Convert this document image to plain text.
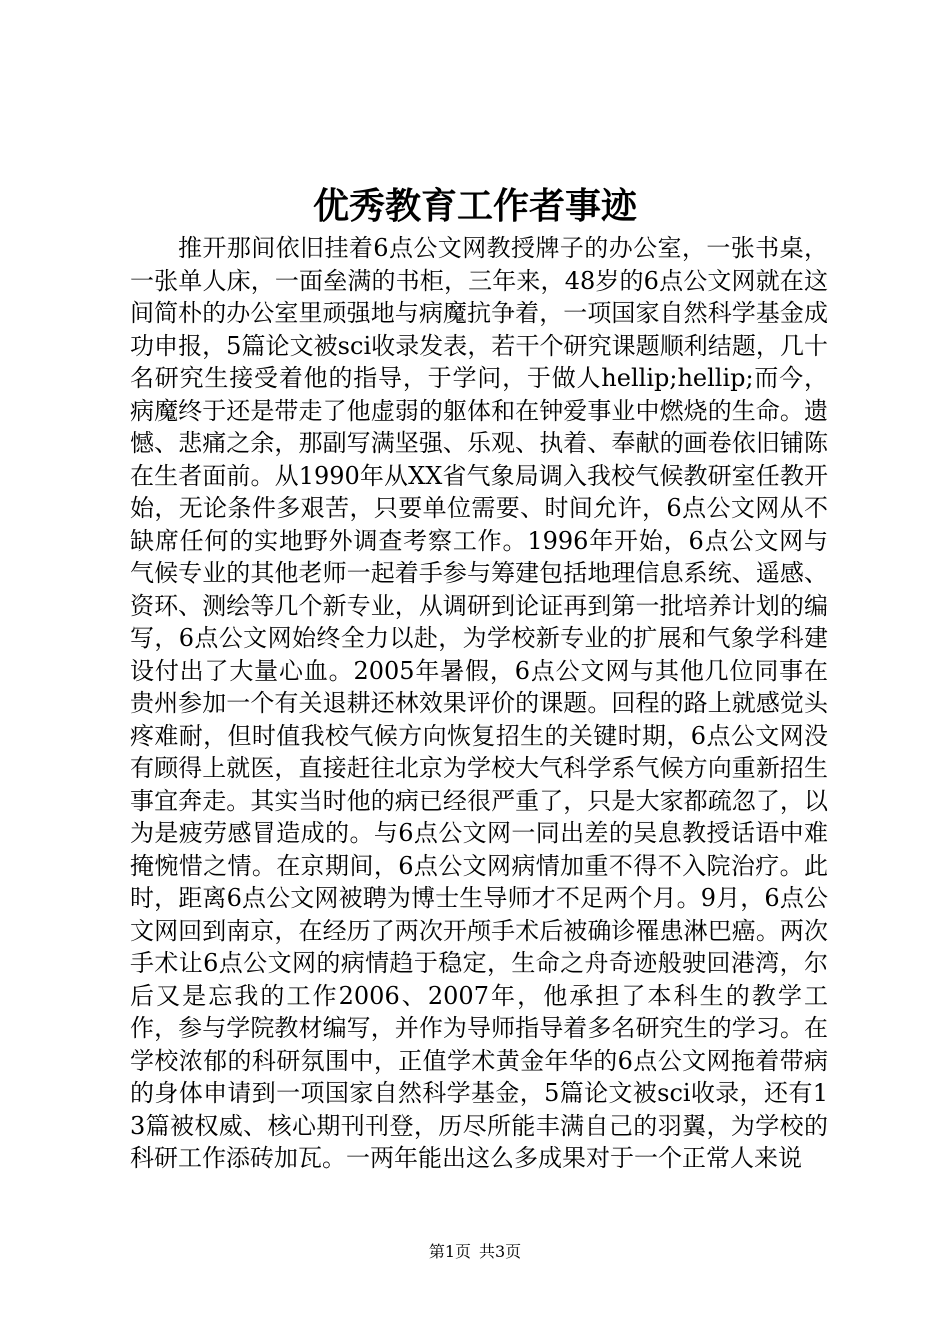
优秀教育工作者事迹

推开那间依旧挂着6点公文网教授牌子的办公室，一张书桌，一张单人床，一面垒满的书柜，三年来，48岁的6点公文网就在这间简朴的办公室里顽强地与病魔抗争着，一项国家自然科学基金成功申报，5篇论文被sci收录发表，若干个研究课题顺利结题，几十名研究生接受着他的指导，于学问，于做人hellip;hellip;而今，病魔终于还是带走了他虚弱的躯体和在钟爱事业中燃烧的生命。遗憾、悲痛之余，那副写满坚强、乐观、执着、奉献的画卷依旧铺陈在生者面前。从1990年从XX省气象局调入我校气候教研室任教开始，无论条件多艰苦，只要单位需要、时间允许，6点公文网从不缺席任何的实地野外调查考察工作。1996年开始，6点公文网与气候专业的其他老师一起着手参与筹建包括地理信息系统、遥感、资环、测绘等几个新专业，从调研到论证再到第一批培养计划的编写，6点公文网始终全力以赴，为学校新专业的扩展和气象学科建设付出了大量心血。2005年暑假，6点公文网与其他几位同事在贵州参加一个有关退耕还林效果评价的课题。回程的路上就感觉头疼难耐，但时值我校气候方向恢复招生的关键时期，6点公文网没有顾得上就医，直接赶往北京为学校大气科学系气候方向重新招生事宜奔走。其实当时他的病已经很严重了，只是大家都疏忽了，以为是疲劳感冒造成的。与6点公文网一同出差的吴息教授话语中难掩惋惜之情。在京期间，6点公文网病情加重不得不入院治疗。此时，距离6点公文网被聘为博士生导师才不足两个月。9月，6点公文网回到南京，在经历了两次开颅手术后被确诊罹患淋巴癌。两次手术让6点公文网的病情趋于稳定，生命之舟奇迹般驶回港湾，尔后又是忘我的工作2006、2007年，他承担了本科生的教学工作，参与学院教材编写，并作为导师指导着多名研究生的学习。在学校浓郁的科研氛围中，正值学术黄金年华的6点公文网拖着带病的身体申请到一项国家自然科学基金，5篇论文被sci收录，还有13篇被权威、核心期刊刊登，历尽所能丰满自己的羽翼，为学校的科研工作添砖加瓦。一两年能出这么多成果对于一个正常人来说

第1页 共3页
